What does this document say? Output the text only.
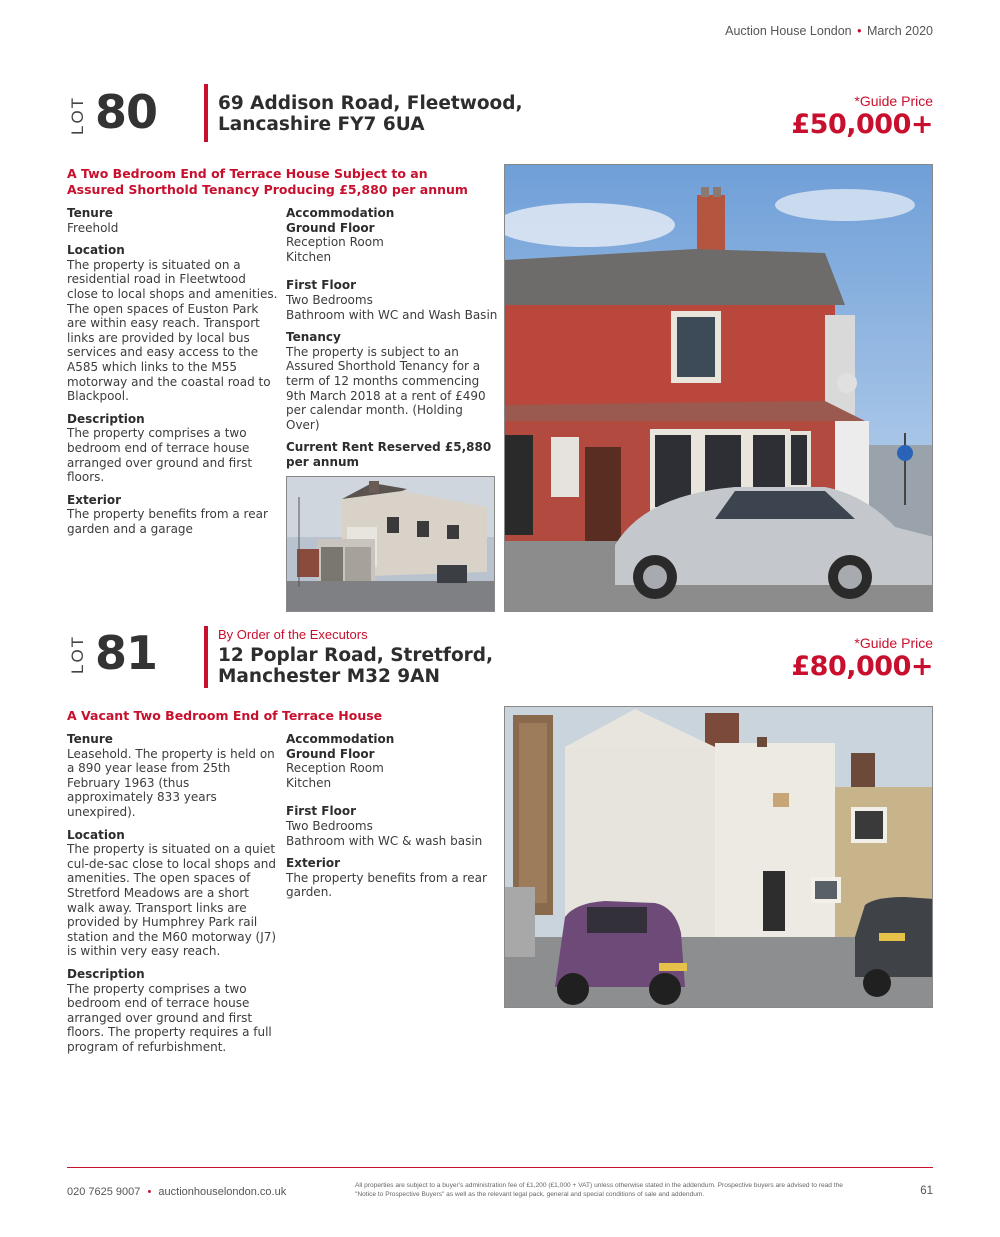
Auction House London • March 2020
LOT 80	69 Addison Road, Fleetwood,
Lancashire FY7 6UA
*Guide Price
£50,000+
A Two Bedroom End of Terrace House Subject to an Assured Shorthold Tenancy Producing £5,880 per annum
Tenure
Freehold
Location
The property is situated on a residential road in Fleetwtood close to local shops and amenities. The open spaces of Euston Park are within easy reach. Transport links are provided by local bus services and easy access to the A585 which links to the M55 motorway and the coastal road to Blackpool.
Description
The property comprises a two bedroom end of terrace house arranged over ground and first floors.
Exterior
The property benefits from a rear garden and a garage
Accommodation
Ground Floor
Reception Room
Kitchen
First Floor
Two Bedrooms
Bathroom with WC and Wash Basin
Tenancy
The property is subject to an Assured Shorthold Tenancy for a term of 12 months commencing 9th March 2018 at a rent of £490 per calendar month. (Holding Over)
Current Rent Reserved £5,880 per annum
LOT 81	By Order of the Executors
12 Poplar Road, Stretford,
Manchester M32 9AN
*Guide Price
£80,000+
A Vacant Two Bedroom End of Terrace House
Tenure
Leasehold. The property is held on a 890 year lease from 25th February 1963 (thus approximately 833 years unexpired).
Location
The property is situated on a quiet cul-de-sac close to local shops and amenities. The open spaces of Stretford Meadows are a short walk away. Transport links are provided by Humphrey Park rail station and the M60 motorway (J7) is within very easy reach.
Description
The property comprises a two bedroom end of terrace house arranged over ground and first floors. The property requires a full program of refurbishment.
Accommodation
Ground Floor
Reception Room
Kitchen
First Floor
Two Bedrooms
Bathroom with WC & wash basin
Exterior
The property benefits from a rear garden.
020 7625 9007 • auctionhouselondon.co.uk
All properties are subject to a buyer's administration fee of £1,200 (£1,000 + VAT) unless otherwise stated in the addendum. Prospective buyers are advised to read the "Notice to Prospective Buyers" as well as the relevant legal pack, general and special conditions of sale and addendum.	61
